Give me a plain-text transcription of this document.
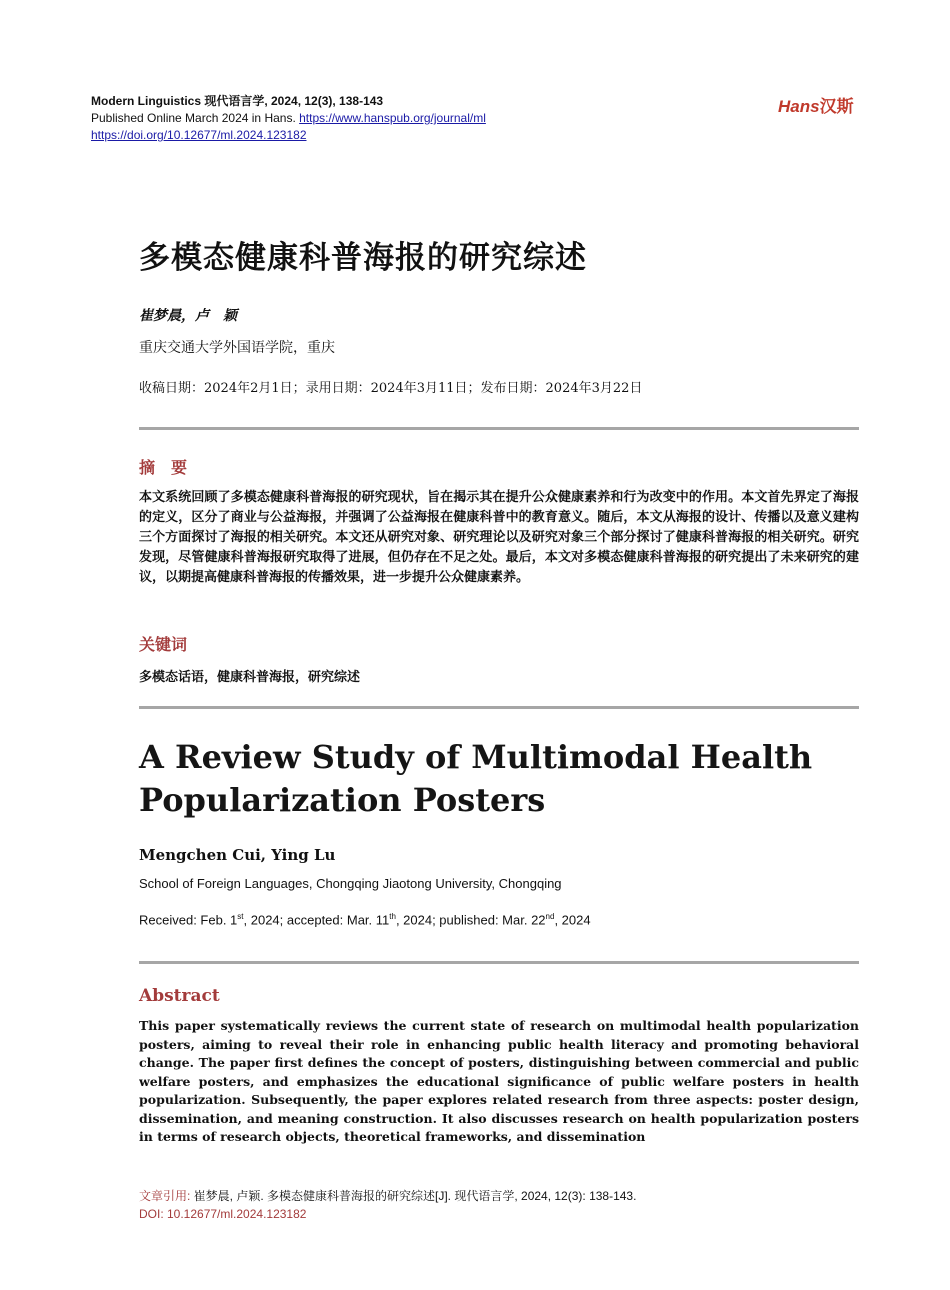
Modern Linguistics 现代语言学, 2024, 12(3), 138-143
Published Online March 2024 in Hans. https://www.hanspub.org/journal/ml
https://doi.org/10.12677/ml.2024.123182
Hans汉斯
多模态健康科普海报的研究综述
崔梦晨，卢　颖
重庆交通大学外国语学院，重庆
收稿日期：2024年2月1日；录用日期：2024年3月11日；发布日期：2024年3月22日
摘　要
本文系统回顾了多模态健康科普海报的研究现状，旨在揭示其在提升公众健康素养和行为改变中的作用。本文首先界定了海报的定义，区分了商业与公益海报，并强调了公益海报在健康科普中的教育意义。随后，本文从海报的设计、传播以及意义建构三个方面探讨了海报的相关研究。本文还从研究对象、研究理论以及研究对象三个部分探讨了健康科普海报的相关研究。研究发现，尽管健康科普海报研究取得了进展，但仍存在不足之处。最后，本文对多模态健康科普海报的研究提出了未来研究的建议，以期提高健康科普海报的传播效果，进一步提升公众健康素养。
关键词
多模态话语，健康科普海报，研究综述
A Review Study of Multimodal Health Popularization Posters
Mengchen Cui, Ying Lu
School of Foreign Languages, Chongqing Jiaotong University, Chongqing
Received: Feb. 1st, 2024; accepted: Mar. 11th, 2024; published: Mar. 22nd, 2024
Abstract
This paper systematically reviews the current state of research on multimodal health popularization posters, aiming to reveal their role in enhancing public health literacy and promoting behavioral change. The paper first defines the concept of posters, distinguishing between commercial and public welfare posters, and emphasizes the educational significance of public welfare posters in health popularization. Subsequently, the paper explores related research from three aspects: poster design, dissemination, and meaning construction. It also discusses research on health popularization posters in terms of research objects, theoretical frameworks, and dissemination
文章引用: 崔梦晨, 卢颖. 多模态健康科普海报的研究综述[J]. 现代语言学, 2024, 12(3): 138-143.
DOI: 10.12677/ml.2024.123182
